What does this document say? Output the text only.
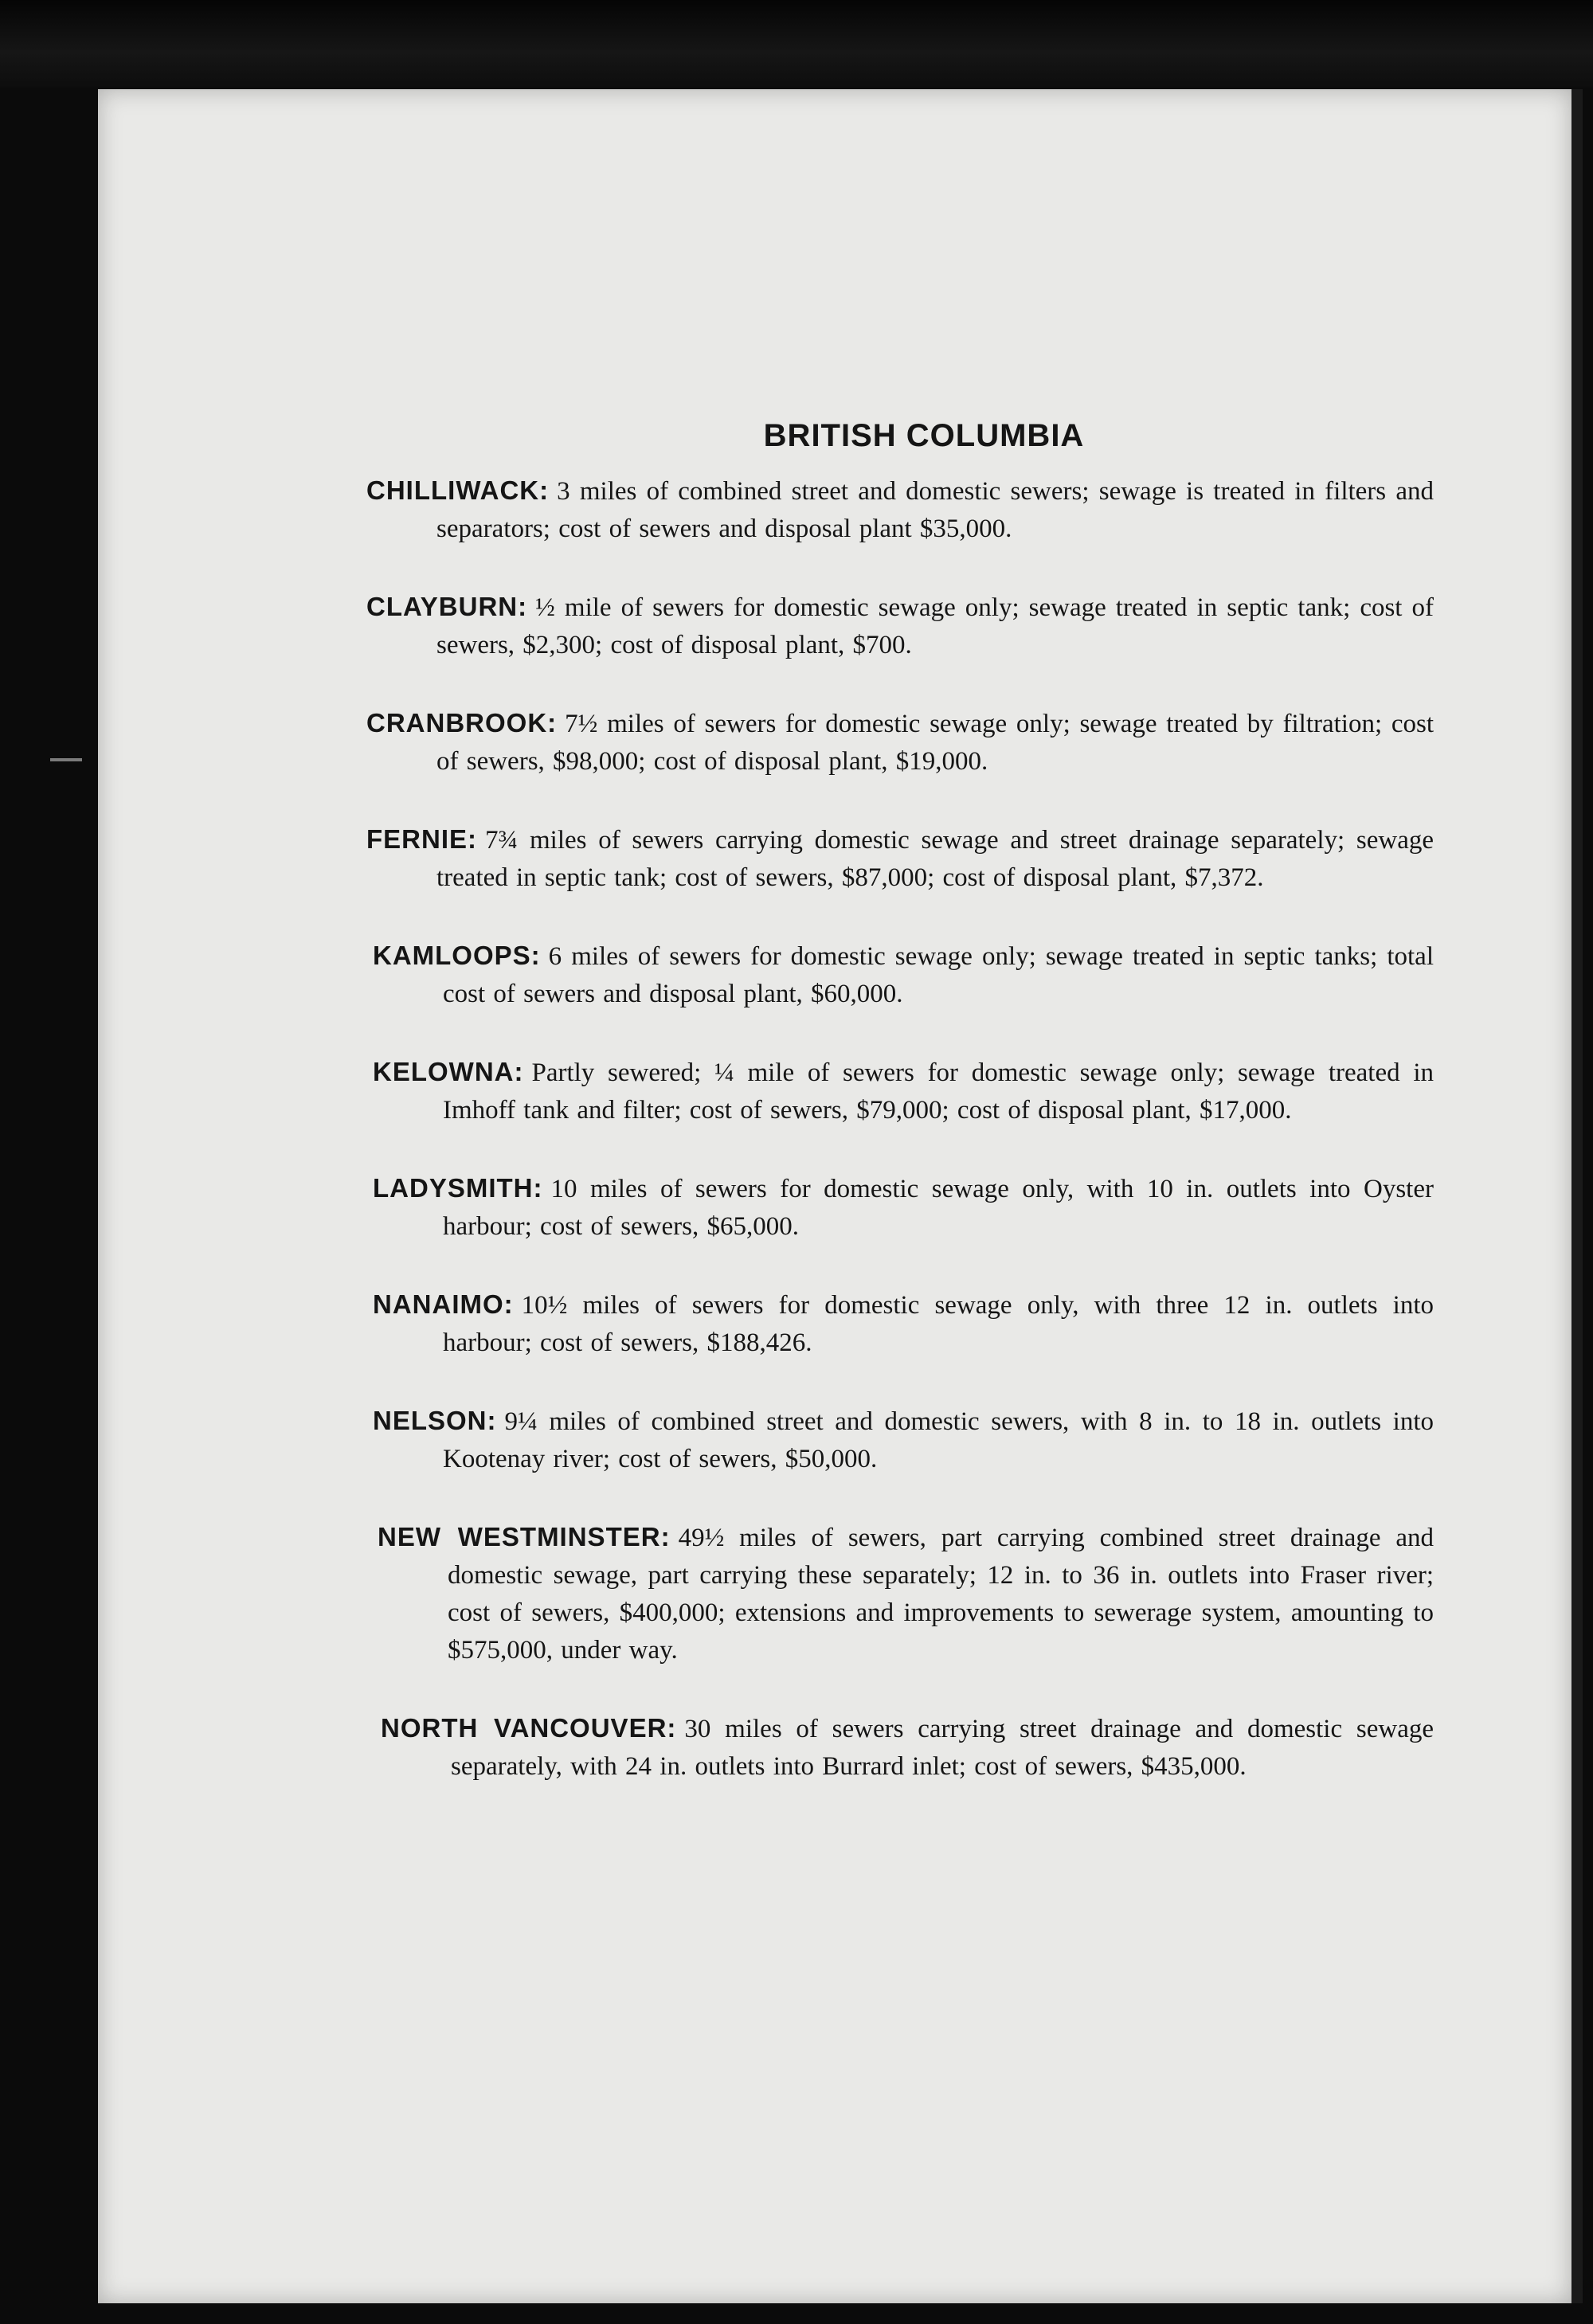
BRITISH COLUMBIA
CHILLIWACK: 3 miles of combined street and domestic sewers; sewage is treated in filters and separators; cost of sewers and disposal plant $35,000.
CLAYBURN: ½ mile of sewers for domestic sewage only; sewage treated in septic tank; cost of sewers, $2,300; cost of disposal plant, $700.
CRANBROOK: 7½ miles of sewers for domestic sewage only; sewage treated by filtration; cost of sewers, $98,000; cost of disposal plant, $19,000.
FERNIE: 7¾ miles of sewers carrying domestic sewage and street drainage separately; sewage treated in septic tank; cost of sewers, $87,000; cost of disposal plant, $7,372.
KAMLOOPS: 6 miles of sewers for domestic sewage only; sewage treated in septic tanks; total cost of sewers and disposal plant, $60,000.
KELOWNA: Partly sewered; ¼ mile of sewers for domestic sewage only; sewage treated in Imhoff tank and filter; cost of sewers, $79,000; cost of disposal plant, $17,000.
LADYSMITH: 10 miles of sewers for domestic sewage only, with 10 in. outlets into Oyster harbour; cost of sewers, $65,000.
NANAIMO: 10½ miles of sewers for domestic sewage only, with three 12 in. outlets into harbour; cost of sewers, $188,426.
NELSON: 9¼ miles of combined street and domestic sewers, with 8 in. to 18 in. outlets into Kootenay river; cost of sewers, $50,000.
NEW WESTMINSTER: 49½ miles of sewers, part carrying combined street drainage and domestic sewage, part carrying these separately; 12 in. to 36 in. outlets into Fraser river; cost of sewers, $400,000; extensions and improvements to sewerage system, amounting to $575,000, under way.
NORTH VANCOUVER: 30 miles of sewers carrying street drainage and domestic sewage separately, with 24 in. outlets into Burrard inlet; cost of sewers, $435,000.
